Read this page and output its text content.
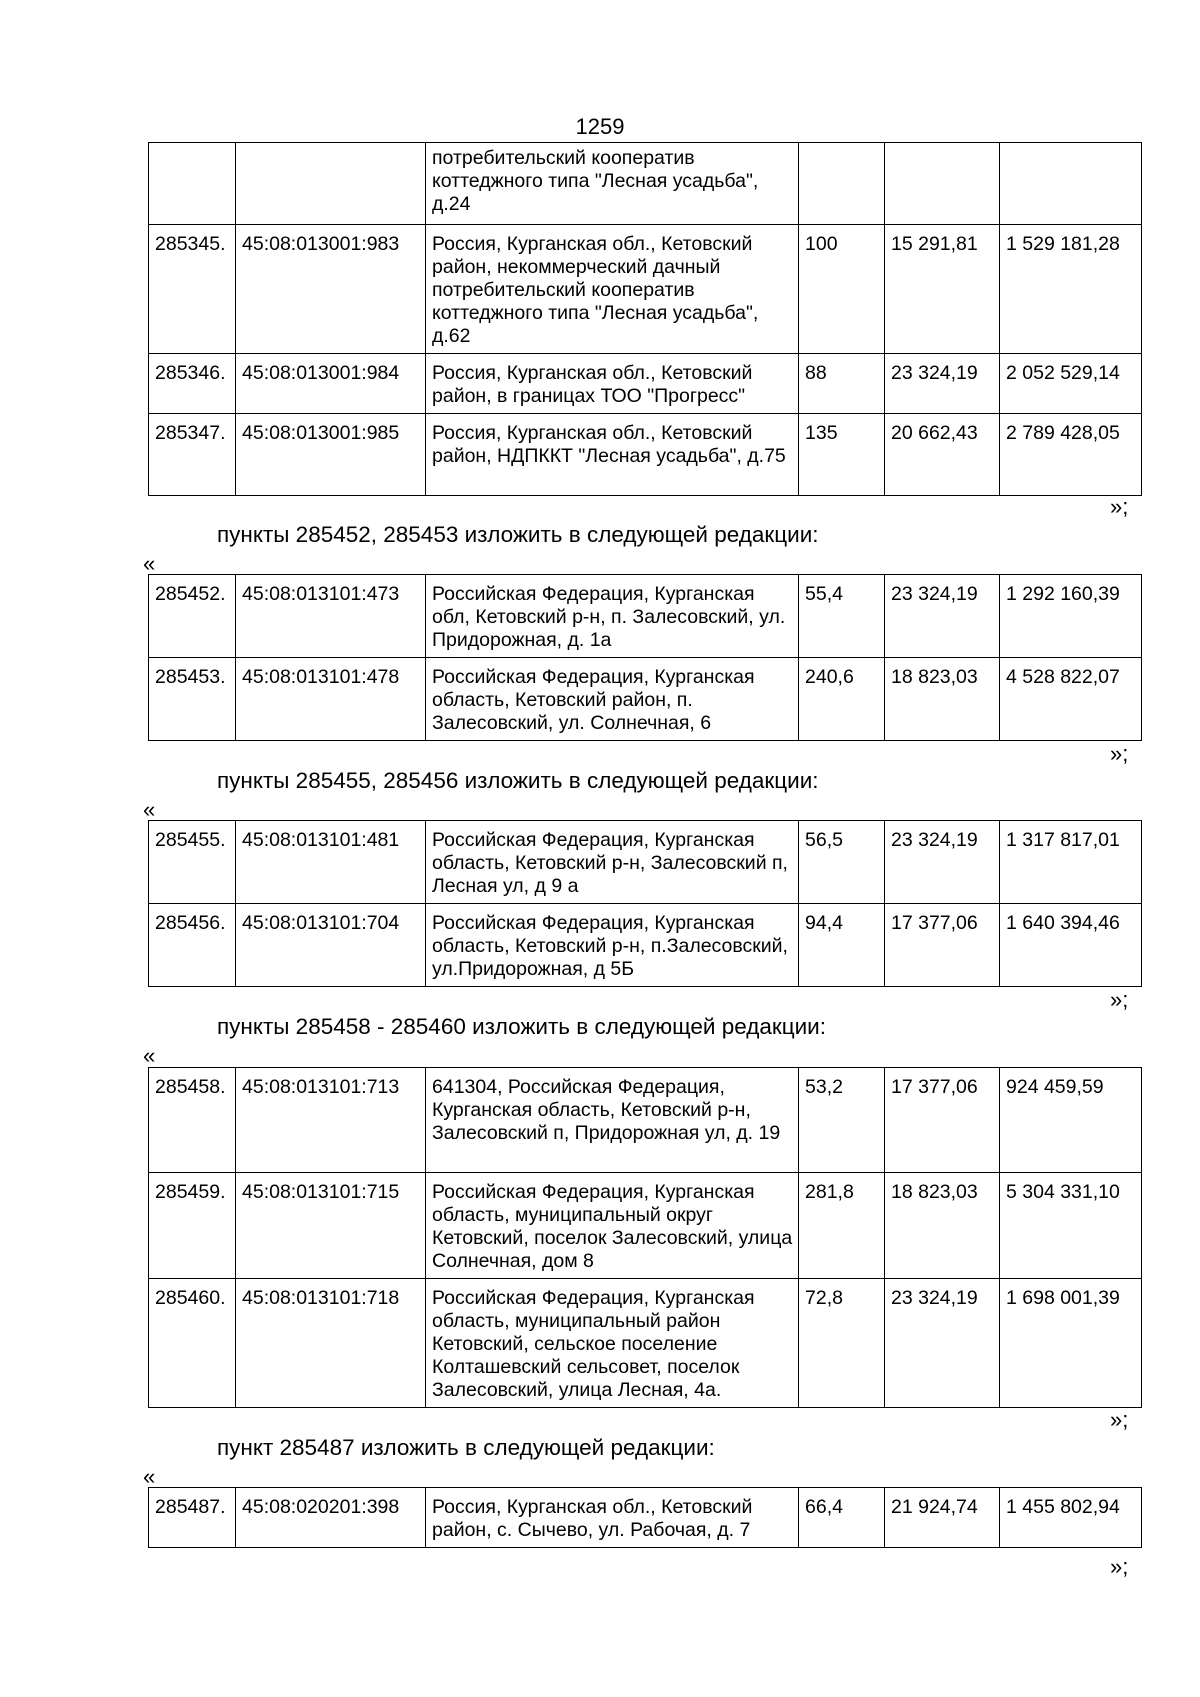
1259
		потребительский кооператив коттеджного типа "Лесная усадьба", д.24			
285345.	45:08:013001:983	Россия, Курганская обл., Кетовский район, некоммерческий дачный потребительский кооператив коттеджного типа "Лесная усадьба", д.62	100	15 291,81	1 529 181,28
285346.	45:08:013001:984	Россия, Курганская обл., Кетовский район, в границах ТОО "Прогресс"	88	23 324,19	2 052 529,14
285347.	45:08:013001:985	Россия, Курганская обл., Кетовский район, НДПККТ "Лесная усадьба", д.75	135	20 662,43	2 789 428,05
»;
пункты 285452, 285453 изложить в следующей редакции:
«
285452.	45:08:013101:473	Российская Федерация, Курганская обл, Кетовский р-н, п. Залесовский, ул. Придорожная, д. 1а	55,4	23 324,19	1 292 160,39
285453.	45:08:013101:478	Российская Федерация, Курганская область, Кетовский район, п. Залесовский, ул. Солнечная, 6	240,6	18 823,03	4 528 822,07
»;
пункты 285455, 285456 изложить в следующей редакции:
«
285455.	45:08:013101:481	Российская Федерация, Курганская область, Кетовский р-н, Залесовский п, Лесная ул, д 9 а	56,5	23 324,19	1 317 817,01
285456.	45:08:013101:704	Российская Федерация, Курганская область, Кетовский р-н, п.Залесовский, ул.Придорожная, д 5Б	94,4	17 377,06	1 640 394,46
»;
пункты 285458 - 285460 изложить в следующей редакции:
«
285458.	45:08:013101:713	641304, Российская Федерация, Курганская область, Кетовский р-н, Залесовский п, Придорожная ул, д. 19	53,2	17 377,06	924 459,59
285459.	45:08:013101:715	Российская Федерация, Курганская область, муниципальный округ Кетовский, поселок Залесовский, улица Солнечная, дом 8	281,8	18 823,03	5 304 331,10
285460.	45:08:013101:718	Российская Федерация, Курганская область, муниципальный район Кетовский, сельское поселение Колташевский сельсовет, поселок Залесовский, улица Лесная, 4а.	72,8	23 324,19	1 698 001,39
»;
пункт 285487 изложить в следующей редакции:
«
285487.	45:08:020201:398	Россия, Курганская обл., Кетовский район, с. Сычево, ул. Рабочая, д. 7	66,4	21 924,74	1 455 802,94
»;
